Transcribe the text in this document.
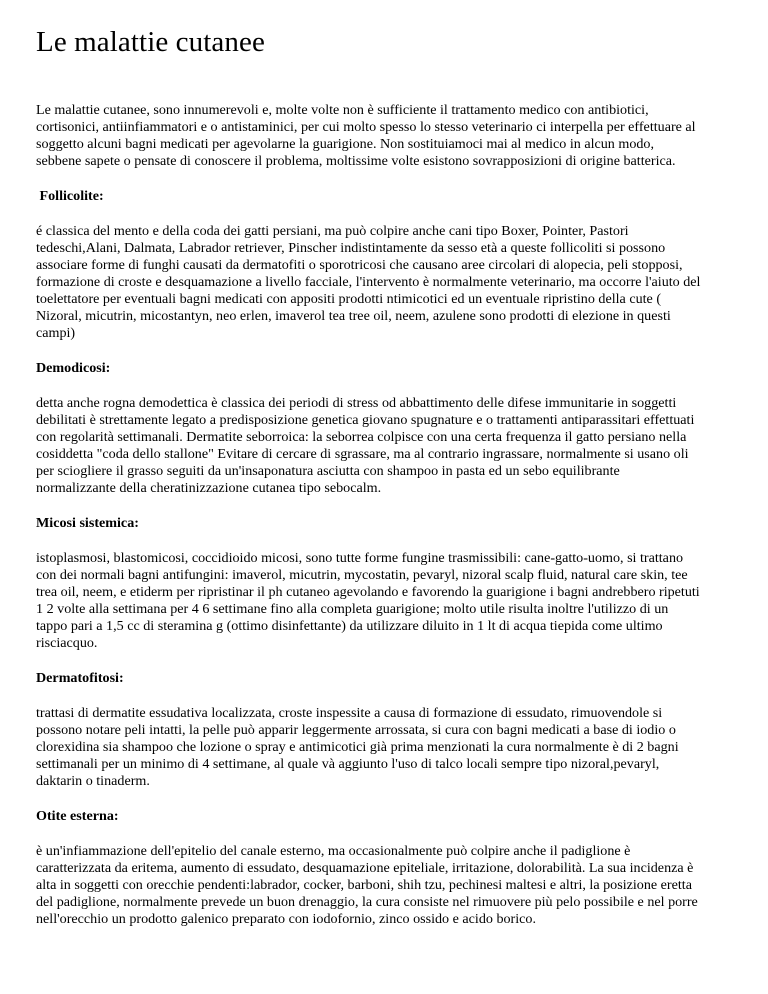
Le malattie cutanee

Le malattie cutanee, sono innumerevoli e, molte volte non è sufficiente il trattamento medico con antibiotici, cortisonici, antiinfiammatori e o antistaminici, per cui molto spesso lo stesso veterinario ci interpella per effettuare al soggetto alcuni bagni medicati per agevolarne la guarigione. Non sostituiamoci mai al medico in alcun modo, sebbene sapete o pensate di conoscere il problema, moltissime volte esistono sovrapposizioni di origine batterica.

Follicolite:

é classica del mento e della coda dei gatti persiani, ma può colpire anche cani tipo Boxer, Pointer, Pastori tedeschi,Alani, Dalmata, Labrador retriever, Pinscher indistintamente da sesso età a queste follicoliti si possono associare forme di funghi causati da dermatofiti o sporotricosi che causano aree circolari di alopecia, peli stopposi, formazione di croste e desquamazione a livello facciale, l'intervento è normalmente veterinario, ma occorre l'aiuto del toelettatore per eventuali bagni medicati con appositi prodotti ntimicotici ed un eventuale ripristino della cute ( Nizoral, micutrin, micostantyn, neo erlen, imaverol tea tree oil, neem, azulene sono prodotti di elezione in questi campi)

Demodicosi:

detta anche rogna demodettica è classica dei periodi di stress od abbattimento delle difese immunitarie in soggetti debilitati è strettamente legato a predisposizione genetica giovano spugnature e o trattamenti antiparassitari effettuati con regolarità settimanali. Dermatite seborroica: la seborrea colpisce con una certa frequenza il gatto persiano nella cosiddetta "coda dello stallone" Evitare di cercare di sgrassare, ma al contrario ingrassare, normalmente si usano oli per sciogliere il grasso seguiti da un'insaponatura asciutta con shampoo in pasta ed un sebo equilibrante normalizzante della cheratinizzazione cutanea tipo sebocalm.

Micosi sistemica:

istoplasmosi, blastomicosi, coccidioido micosi, sono tutte forme fungine trasmissibili: cane-gatto-uomo, si trattano con dei normali bagni antifungini: imaverol, micutrin, mycostatin, pevaryl, nizoral scalp fluid, natural care skin, tee trea oil, neem, e etiderm per ripristinar il ph cutaneo agevolando e favorendo la guarigione i bagni andrebbero ripetuti 1 2 volte alla settimana per 4 6 settimane fino alla completa guarigione; molto utile risulta inoltre l'utilizzo di un tappo pari a 1,5 cc di steramina g (ottimo disinfettante) da utilizzare diluito in 1 lt di acqua tiepida come ultimo risciacquo.

Dermatofitosi:

trattasi di dermatite essudativa localizzata, croste inspessite a causa di formazione di essudato, rimuovendole si possono notare peli intatti, la pelle può apparir leggermente arrossata, si cura con bagni medicati a base di iodio o clorexidina sia shampoo che lozione o spray e antimicotici già prima menzionati la cura normalmente è di 2 bagni settimanali per un minimo di 4 settimane, al quale và aggiunto l'uso di talco locali sempre tipo nizoral,pevaryl, daktarin o tinaderm.

Otite esterna:

è un'infiammazione dell'epitelio del canale esterno, ma occasionalmente può colpire anche il padiglione è caratterizzata da eritema, aumento di essudato, desquamazione epiteliale, irritazione, dolorabilità. La sua incidenza è alta in soggetti con orecchie pendenti:labrador, cocker, barboni, shih tzu, pechinesi maltesi e altri, la posizione eretta del padiglione, normalmente prevede un buon drenaggio, la cura consiste nel rimuovere più pelo possibile e nel porre nell'orecchio un prodotto galenico preparato con iodofornio, zinco ossido e acido borico.
